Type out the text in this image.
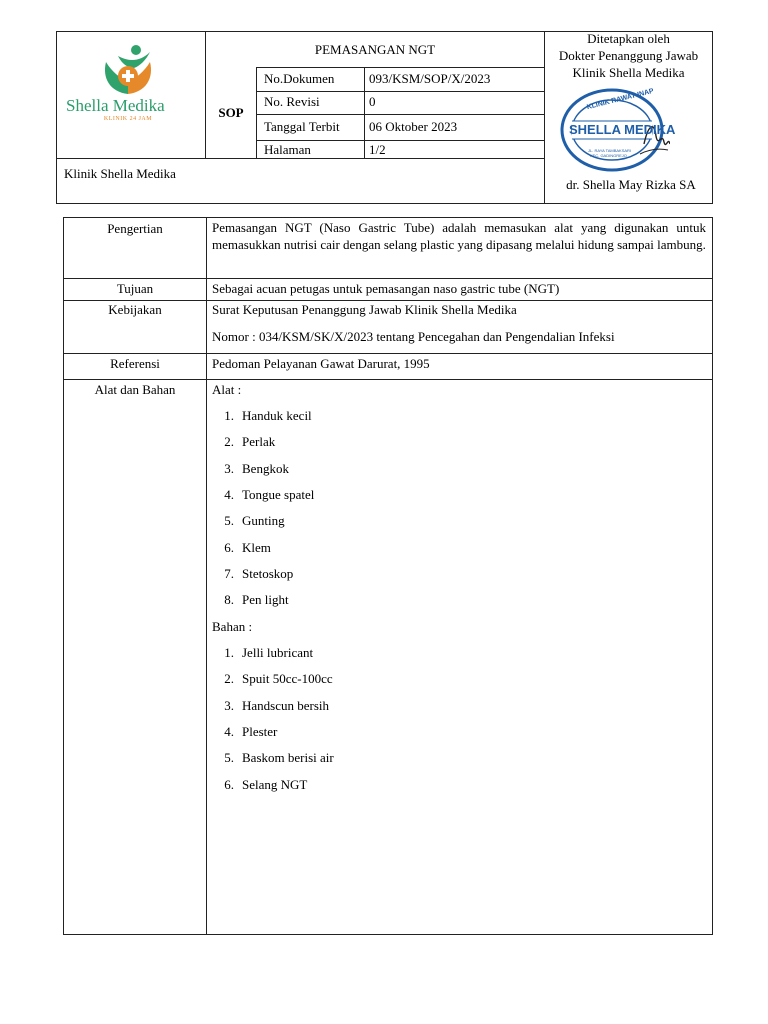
Shella Medika
KLINIK 24 JAM
PEMASANGAN NGT
SOP
No.Dokumen	093/KSM/SOP/X/2023
No. Revisi	0
Tanggal Terbit 06 Oktober 2023
Halaman	1/2
Klinik Shella Medika
Ditetapkan oleh
Dokter Penanggung Jawab
Klinik Shella Medika
JL. RAYA TAMBAKSARI
KEC. GADINGREJO
KLINIK RAWAT INAP
SHELLA MEDIKA
dr. Shella May Rizka SA
Pengertian	Pemasangan NGT (Naso Gastric Tube) adalah memasukan alat yang digunakan untuk memasukkan nutrisi cair dengan selang plastic yang dipasang melalui hidung sampai lambung.
Tujuan	Sebagai acuan petugas untuk pemasangan naso gastric tube (NGT)
Kebijakan	Surat Keputusan Penanggung Jawab Klinik Shella Medika
Nomor : 034/KSM/SK/X/2023 tentang Pencegahan dan Pengendalian Infeksi
Referensi	Pedoman Pelayanan Gawat Darurat, 1995
Alat dan Bahan	Alat :
1. Handuk kecil
2. Perlak
3. Bengkok
4. Tongue spatel
5. Gunting
6. Klem
7. Stetoskop
8. Pen light
Bahan :
1. Jelli lubricant
2. Spuit 50cc-100cc
3. Handscun bersih
4. Plester
5. Baskom berisi air
6. Selang NGT
